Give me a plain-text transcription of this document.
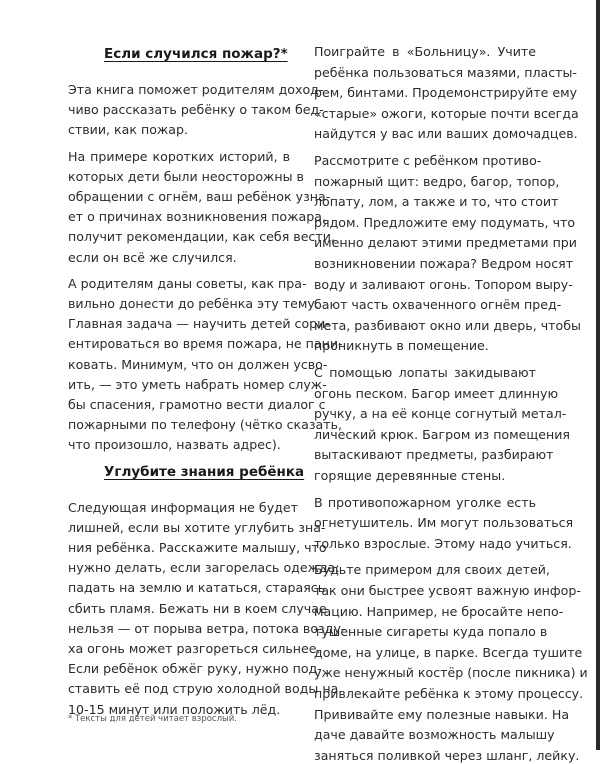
Если случился пожар?*
Эта книга поможет родителям доход-
чиво рассказать ребёнку о таком бед-
ствии, как пожар.
На примере коротких историй, в
которых дети были неосторожны в
обращении с огнём, ваш ребёнок узна-
ет о причинах возникновения пожара,
получит рекомендации, как себя вести,
если он всё же случился.
А родителям даны советы, как пра-
вильно донести до ребёнка эту тему.
Главная задача — научить детей сори-
ентироваться во время пожара, не пани-
ковать. Минимум, что он должен усво-
ить, — это уметь набрать номер служ-
бы спасения, грамотно вести диалог с
пожарными по телефону (чётко сказать,
что произошло, назвать адрес).
Углубите знания ребёнка
Следующая информация не будет
лишней, если вы хотите углубить зна-
ния ребёнка. Расскажите малышу, что
нужно делать, если загорелась одежда:
падать на землю и кататься, стараясь
сбить пламя. Бежать ни в коем случае
нельзя — от порыва ветра, потока возду-
ха огонь может разгореться сильнее.
Если ребёнок обжёг руку, нужно под-
ставить её под струю холодной воды на
10-15 минут или положить лёд.
Поиграйте в «Больницу». Учите
ребёнка пользоваться мазями, пласты-
рем, бинтами. Продемонстрируйте ему
«старые» ожоги, которые почти всегда
найдутся у вас или ваших домочадцев.
Рассмотрите с ребёнком противо-
пожарный щит: ведро, багор, топор,
лопату, лом, а также и то, что стоит
рядом. Предложите ему подумать, что
именно делают этими предметами при
возникновении пожара? Ведром носят
воду и заливают огонь. Топором выру-
бают часть охваченного огнём пред-
мета, разбивают окно или дверь, чтобы
проникнуть в помещение.
С помощью лопаты закидывают
огонь песком. Багор имеет длинную
ручку, а на её конце согнутый метал-
лический крюк. Багром из помещения
вытаскивают предметы, разбирают
горящие деревянные стены.
В противопожарном уголке есть
огнетушитель. Им могут пользоваться
только взрослые. Этому надо учиться.
Будьте примером для своих детей,
так они быстрее усвоят важную инфор-
мацию. Например, не бросайте непо-
тушенные сигареты куда попало в
доме, на улице, в парке. Всегда тушите
уже ненужный костёр (после пикника) и
привлекайте ребёнка к этому процессу.
Прививайте ему полезные навыки. На
даче давайте возможность малышу
заняться поливкой через шланг, лейку.
* Тексты для детей читает взрослый.
